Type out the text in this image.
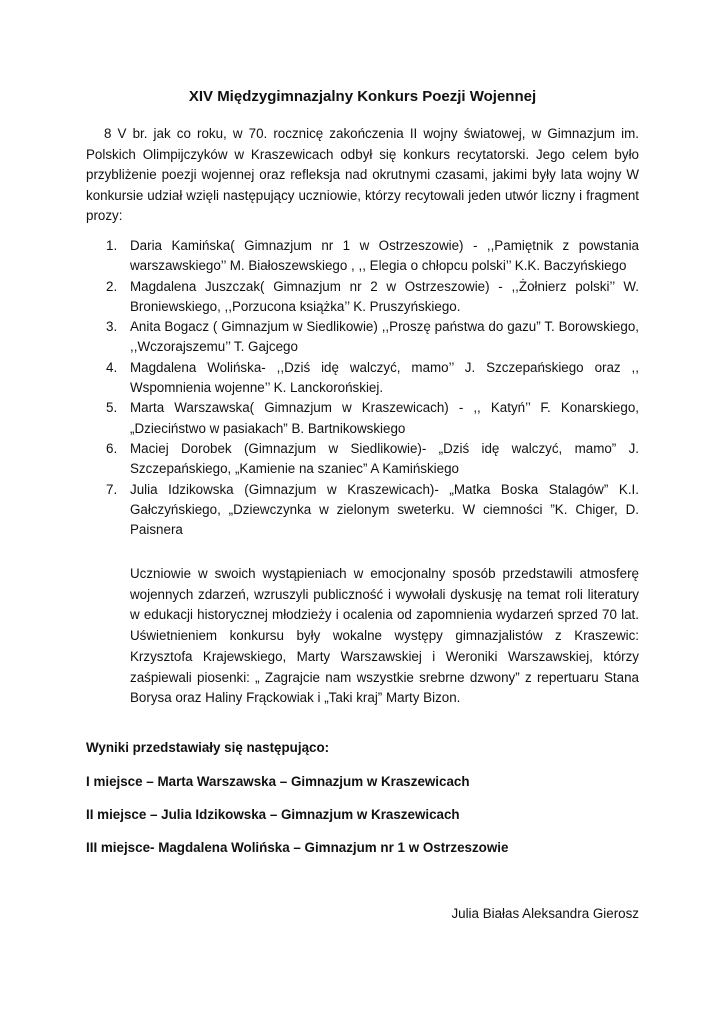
XIV Międzygimnazjalny Konkurs Poezji Wojennej

8 V br. jak co roku, w 70. rocznicę zakończenia II wojny światowej, w Gimnazjum im. Polskich Olimpijczyków w Kraszewicach odbył się konkurs recytatorski. Jego celem było przybliżenie poezji wojennej oraz refleksja nad okrutnymi czasami, jakimi były lata wojny W konkursie udział wzięli następujący uczniowie, którzy recytowali jeden utwór liczny i fragment prozy:

1. Daria Kamińska( Gimnazjum nr 1 w Ostrzeszowie) - ,,Pamiętnik z powstania warszawskiego’’ M. Białoszewskiego , ,, Elegia o chłopcu polski’’ K.K. Baczyńskiego
2. Magdalena Juszczak( Gimnazjum nr 2 w Ostrzeszowie) - ,,Żołnierz polski’’ W. Broniewskiego, ,,Porzucona książka’’ K. Pruszyńskiego.
3. Anita Bogacz ( Gimnazjum w Siedlikowie) ,,Proszę państwa do gazu” T. Borowskiego, ,,Wczorajszemu’’ T. Gajcego
4. Magdalena Wolińska- ,,Dziś idę walczyć, mamo’’ J. Szczepańskiego oraz ,, Wspomnienia wojenne’’ K. Lanckorońskiej.
5. Marta Warszawska( Gimnazjum w Kraszewicach) - ,, Katyń’’ F. Konarskiego, „Dzieciństwo w pasiakach” B. Bartnikowskiego
6. Maciej Dorobek (Gimnazjum w Siedlikowie)- „Dziś idę walczyć, mamo” J. Szczepańskiego, „Kamienie na szaniec” A Kamińskiego
7. Julia Idzikowska (Gimnazjum w Kraszewicach)- „Matka Boska Stalagów” K.I. Gałczyńskiego, „Dziewczynka w zielonym sweterku. W ciemności ”K. Chiger, D. Paisnera

Uczniowie w swoich wystąpieniach w emocjonalny sposób przedstawili atmosferę wojennych zdarzeń, wzruszyli publiczność i wywołali dyskusję na temat roli literatury w edukacji historycznej młodzieży i ocalenia od zapomnienia wydarzeń sprzed 70 lat. Uświetnieniem konkursu były wokalne występy gimnazjalistów z Kraszewic: Krzysztofa Krajewskiego, Marty Warszawskiej i Weroniki Warszawskiej, którzy zaśpiewali piosenki: „ Zagrajcie nam wszystkie srebrne dzwony” z repertuaru Stana Borysa oraz Haliny Frąckowiak i „Taki kraj” Marty Bizon.

Wyniki przedstawiały się następująco:
I miejsce – Marta Warszawska – Gimnazjum w Kraszewicach
II miejsce – Julia Idzikowska – Gimnazjum w Kraszewicach
III miejsce- Magdalena Wolińska – Gimnazjum nr 1 w Ostrzeszowie
Julia Białas Aleksandra Gierosz
